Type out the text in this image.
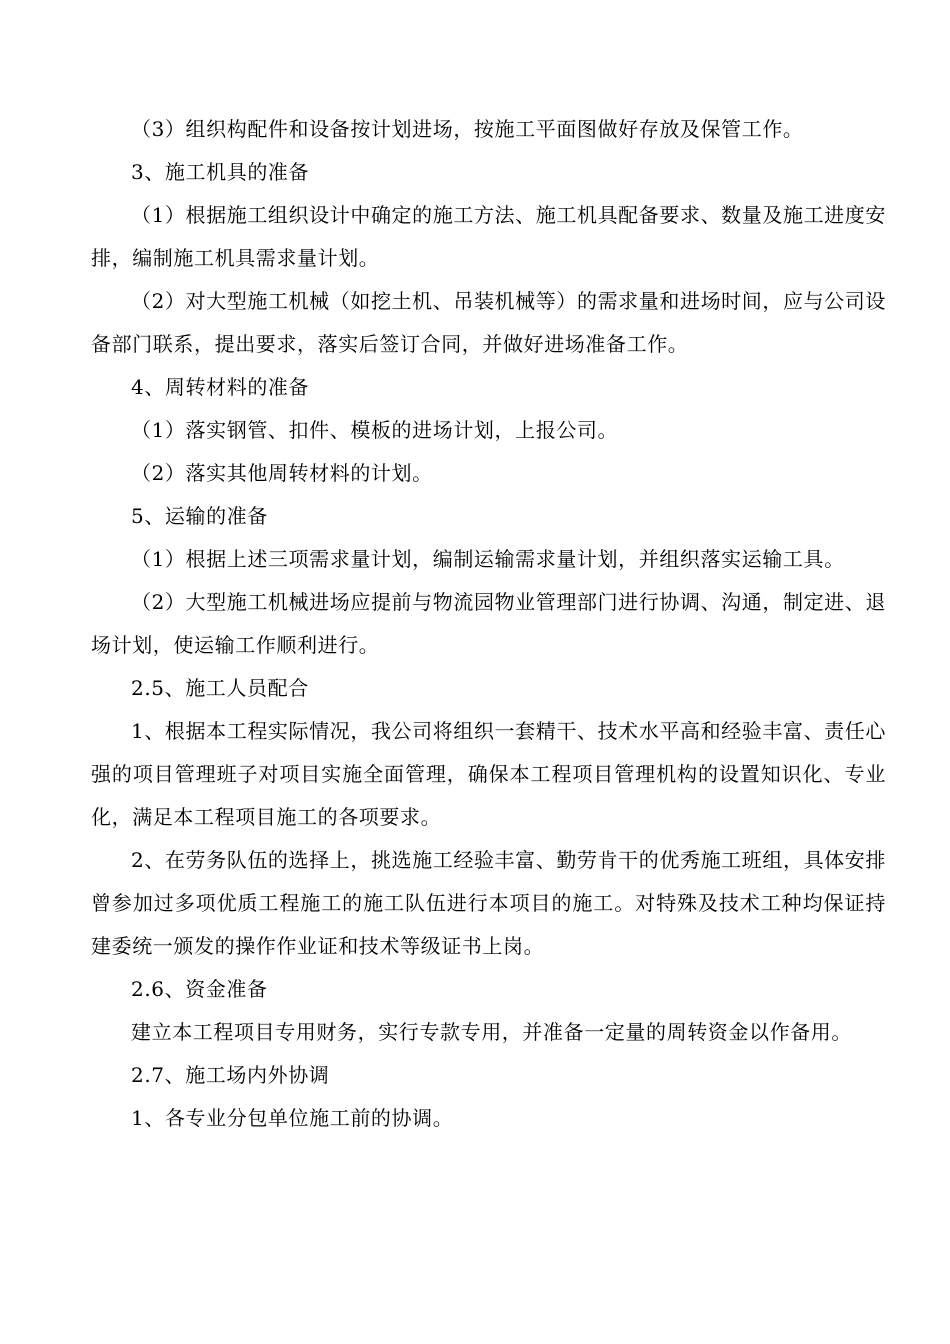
（3）组织构配件和设备按计划进场，按施工平面图做好存放及保管工作。

3、施工机具的准备

（1）根据施工组织设计中确定的施工方法、施工机具配备要求、数量及施工进度安排，编制施工机具需求量计划。

（2）对大型施工机械（如挖土机、吊装机械等）的需求量和进场时间，应与公司设备部门联系，提出要求，落实后签订合同，并做好进场准备工作。

4、周转材料的准备

（1）落实钢管、扣件、模板的进场计划，上报公司。

（2）落实其他周转材料的计划。

5、运输的准备

（1）根据上述三项需求量计划，编制运输需求量计划，并组织落实运输工具。

（2）大型施工机械进场应提前与物流园物业管理部门进行协调、沟通，制定进、退场计划，使运输工作顺利进行。

2.5、施工人员配合

1、根据本工程实际情况，我公司将组织一套精干、技术水平高和经验丰富、责任心强的项目管理班子对项目实施全面管理，确保本工程项目管理机构的设置知识化、专业化，满足本工程项目施工的各项要求。

2、在劳务队伍的选择上，挑选施工经验丰富、勤劳肯干的优秀施工班组，具体安排曾参加过多项优质工程施工的施工队伍进行本项目的施工。对特殊及技术工种均保证持建委统一颁发的操作作业证和技术等级证书上岗。

2.6、资金准备

建立本工程项目专用财务，实行专款专用，并准备一定量的周转资金以作备用。

2.7、施工场内外协调

1、各专业分包单位施工前的协调。
